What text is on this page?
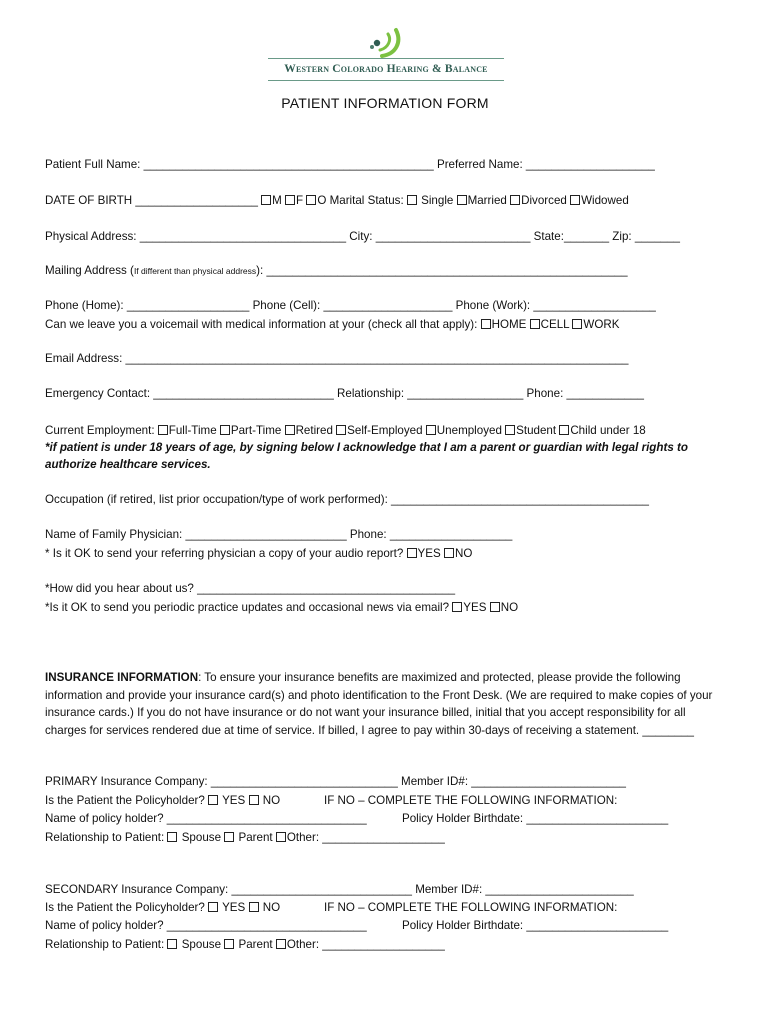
Western Colorado Hearing & Balance
PATIENT INFORMATION FORM
Patient Full Name: _____________________________________________ Preferred Name: ____________________
DATE OF BIRTH ___________________ M F O Marital Status:  Single Married Divorced Widowed
Physical Address: ________________________________ City: ________________________ State:_______ Zip: _______
Mailing Address (If different than physical address): ________________________________________________________
Phone (Home): ___________________ Phone (Cell): ____________________ Phone (Work): ___________________
Can we leave you a voicemail with medical information at your (check all that apply): HOME CELL WORK
Email Address: ______________________________________________________________________________
Emergency Contact: ____________________________ Relationship: __________________ Phone: ____________
Current Employment: Full-Time Part-Time Retired Self-Employed Unemployed Student Child under 18
*if patient is under 18 years of age, by signing below I acknowledge that I am a parent or guardian with legal rights to
authorize healthcare services.
Occupation (if retired, list prior occupation/type of work performed): ________________________________________
Name of Family Physician: _________________________ Phone: ___________________
* Is it OK to send your referring physician a copy of your audio report? YES NO
*How did you hear about us? ________________________________________
*Is it OK to send you periodic practice updates and occasional news via email? YES NO
INSURANCE INFORMATION: To ensure your insurance benefits are maximized and protected, please provide the following information and provide your insurance card(s) and photo identification to the Front Desk. (We are required to make copies of your insurance cards.) If you do not have insurance or do not want your insurance billed, initial that you accept responsibility for all charges for services rendered due at time of service. If billed, I agree to pay within 30-days of receiving a statement. ________
PRIMARY Insurance Company: _____________________________ Member ID#: ________________________
Is the Patient the Policyholder?  YES  NO	IF NO – COMPLETE THE FOLLOWING INFORMATION:
Name of policy holder? _______________________________	Policy Holder Birthdate: ______________________
Relationship to Patient:  Spouse  Parent Other: ___________________
SECONDARY Insurance Company: ____________________________ Member ID#: _______________________
Is the Patient the Policyholder?  YES  NO	IF NO – COMPLETE THE FOLLOWING INFORMATION:
Name of policy holder? _______________________________	Policy Holder Birthdate: ______________________
Relationship to Patient:  Spouse  Parent Other: ___________________
